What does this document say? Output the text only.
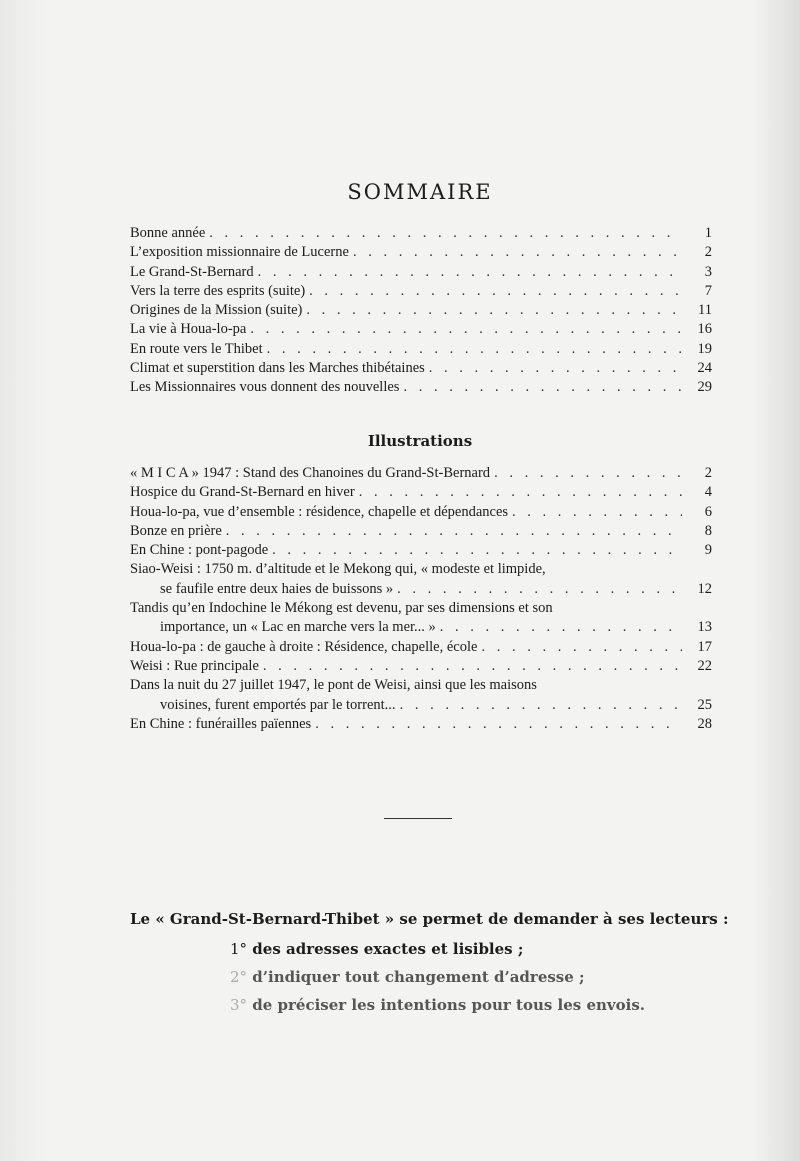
SOMMAIRE
Bonne année . . .	1
L’exposition missionnaire de Lucerne . . .	2
Le Grand-St-Bernard . . .	3
Vers la terre des esprits (suite) . . .	7
Origines de la Mission (suite) . . .	11
La vie à Houa-lo-pa . . .	16
En route vers le Thibet . . .	19
Climat et superstition dans les Marches thibétaines . . .	24
Les Missionnaires vous donnent des nouvelles . . .	29
Illustrations
« M I C A » 1947 : Stand des Chanoines du Grand-St-Bernard . . .	2
Hospice du Grand-St-Bernard en hiver . . .	4
Houa-lo-pa, vue d’ensemble : résidence, chapelle et dépendances . . .	6
Bonze en prière . . .	8
En Chine : pont-pagode . . .	9
Siao-Weisi : 1750 m. d’altitude et le Mekong qui, « modeste et limpide,
se faufile entre deux haies de buissons » . . .	12
Tandis qu’en Indochine le Mékong est devenu, par ses dimensions et son
importance, un « Lac en marche vers la mer... » . . .	13
Houa-lo-pa : de gauche à droite : Résidence, chapelle, école . . .	17
Weisi : Rue principale . . .	22
Dans la nuit du 27 juillet 1947, le pont de Weisi, ainsi que les maisons
voisines, furent emportés par le torrent... . . .	25
En Chine : funérailles païennes . . .	28

Le « Grand-St-Bernard-Thibet » se permet de demander à ses lecteurs :

1° des adresses exactes et lisibles ;

2° d’indiquer tout changement d’adresse ;

3° de préciser les intentions pour tous les envois.
